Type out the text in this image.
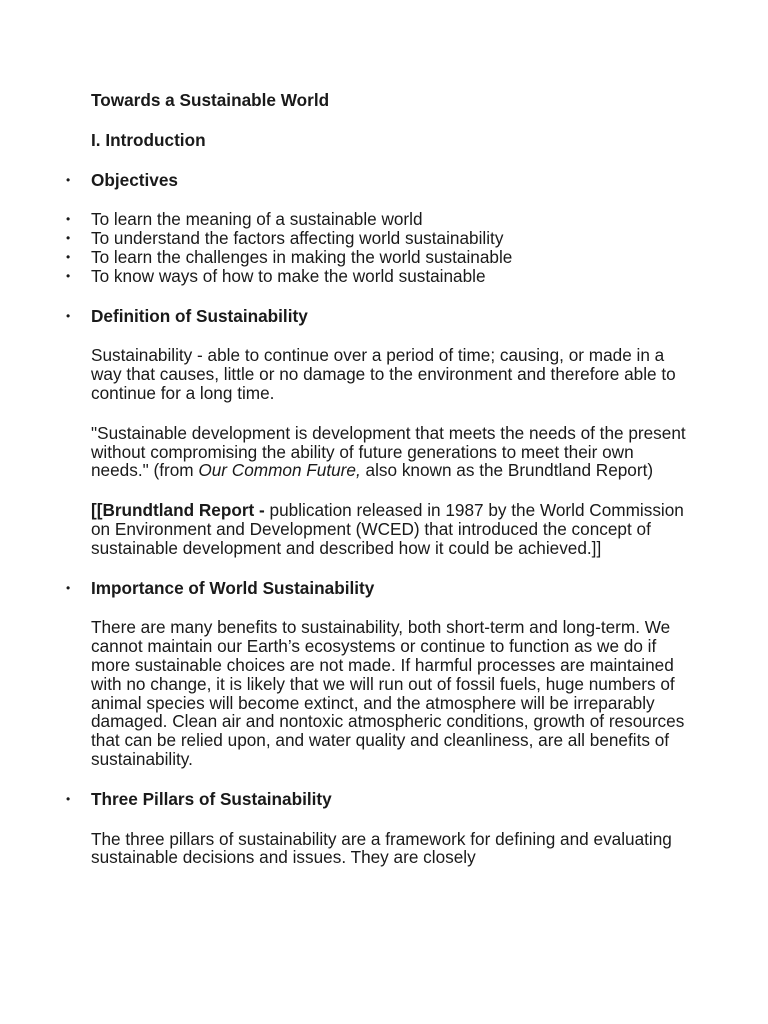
Towards a Sustainable World

I. Introduction

•	Objectives

•	To learn the meaning of a sustainable world

•	To understand the factors affecting world sustainability

•	To learn the challenges in making the world sustainable

•	To know ways of how to make the world sustainable

•	Definition of Sustainability

Sustainability - able to continue over a period of time; causing, or made in a way that causes, little or no damage to the environment and therefore able to continue for a long time.

"Sustainable development is development that meets the needs of the present without compromising the ability of future generations to meet their own needs." (from Our Common Future, also known as the Brundtland Report)

[[Brundtland Report - publication released in 1987 by the World Commission on Environment and Development (WCED) that introduced the concept of sustainable development and described how it could be achieved.]]

•	Importance of World Sustainability

There are many benefits to sustainability, both short-term and long-term. We cannot maintain our Earth’s ecosystems or continue to function as we do if more sustainable choices are not made. If harmful processes are maintained with no change, it is likely that we will run out of fossil fuels, huge numbers of animal species will become extinct, and the atmosphere will be irreparably damaged. Clean air and nontoxic atmospheric conditions, growth of resources that can be relied upon, and water quality and cleanliness, are all benefits of sustainability.

•	Three Pillars of Sustainability

The three pillars of sustainability are a framework for defining and evaluating sustainable decisions and issues. They are closely
